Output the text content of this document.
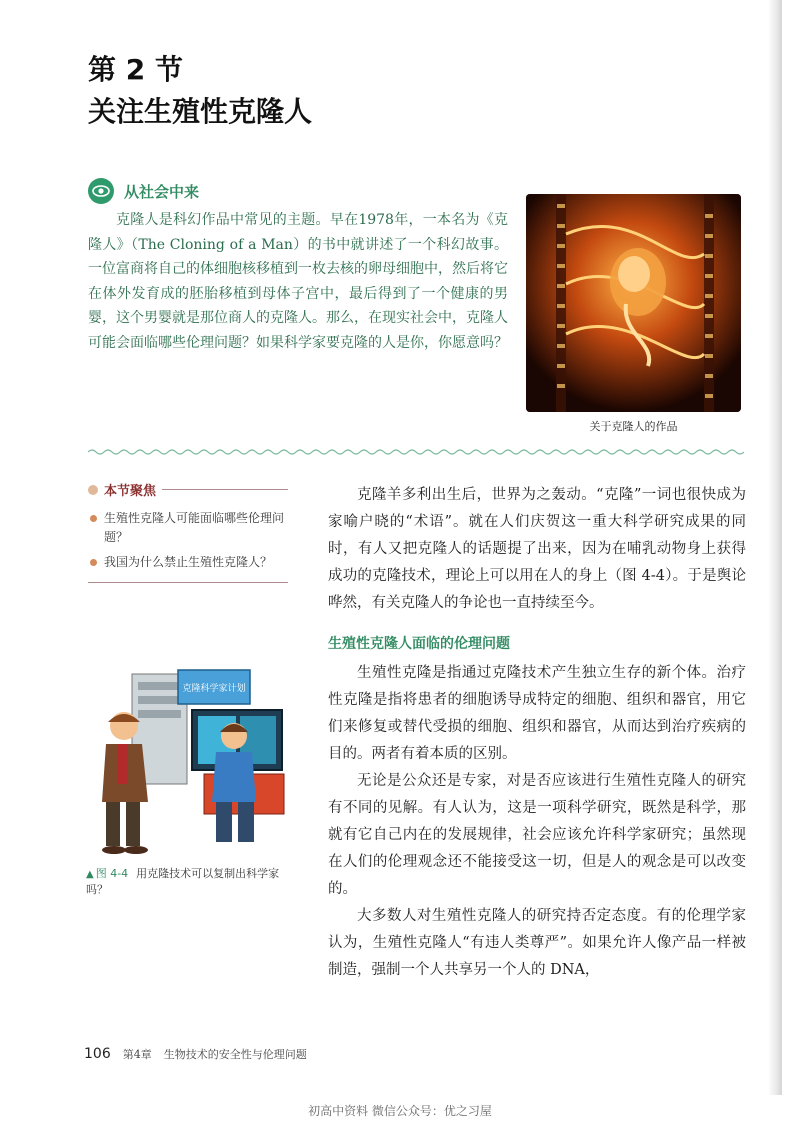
第 2 节
关注生殖性克隆人
从社会中来

克隆人是科幻作品中常见的主题。早在1978年，一本名为《克隆人》（The Cloning of a Man）的书中就讲述了一个科幻故事。一位富商将自己的体细胞核移植到一枚去核的卵母细胞中，然后将它在体外发育成的胚胎移植到母体子宫中，最后得到了一个健康的男婴，这个男婴就是那位商人的克隆人。那么，在现实社会中，克隆人可能会面临哪些伦理问题？如果科学家要克隆的人是你，你愿意吗？

关于克隆人的作品
本节聚焦
生殖性克隆人可能面临哪些伦理问题？
我国为什么禁止生殖性克隆人？

克隆羊多利出生后，世界为之轰动。“克隆”一词也很快成为家喻户晓的“术语”。就在人们庆贺这一重大科学研究成果的同时，有人又把克隆人的话题提了出来，因为在哺乳动物身上获得成功的克隆技术，理论上可以用在人的身上（图 4-4）。于是舆论哗然，有关克隆人的争论也一直持续至今。

生殖性克隆人面临的伦理问题

生殖性克隆是指通过克隆技术产生独立生存的新个体。治疗性克隆是指将患者的细胞诱导成特定的细胞、组织和器官，用它们来修复或替代受损的细胞、组织和器官，从而达到治疗疾病的目的。两者有着本质的区别。

无论是公众还是专家，对是否应该进行生殖性克隆人的研究有不同的见解。有人认为，这是一项科学研究，既然是科学，那就有它自己内在的发展规律，社会应该允许科学家研究；虽然现在人们的伦理观念还不能接受这一切，但是人的观念是可以改变的。

大多数人对生殖性克隆人的研究持否定态度。有的伦理学家认为，生殖性克隆人“有违人类尊严”。如果允许人像产品一样被制造，强制一个人共享另一个人的 DNA，

克隆科学家计划
▲ 图 4-4 用克隆技术可以复制出科学家吗？
106 第4章 生物技术的安全性与伦理问题
初高中资料 微信公众号：优之习屋
